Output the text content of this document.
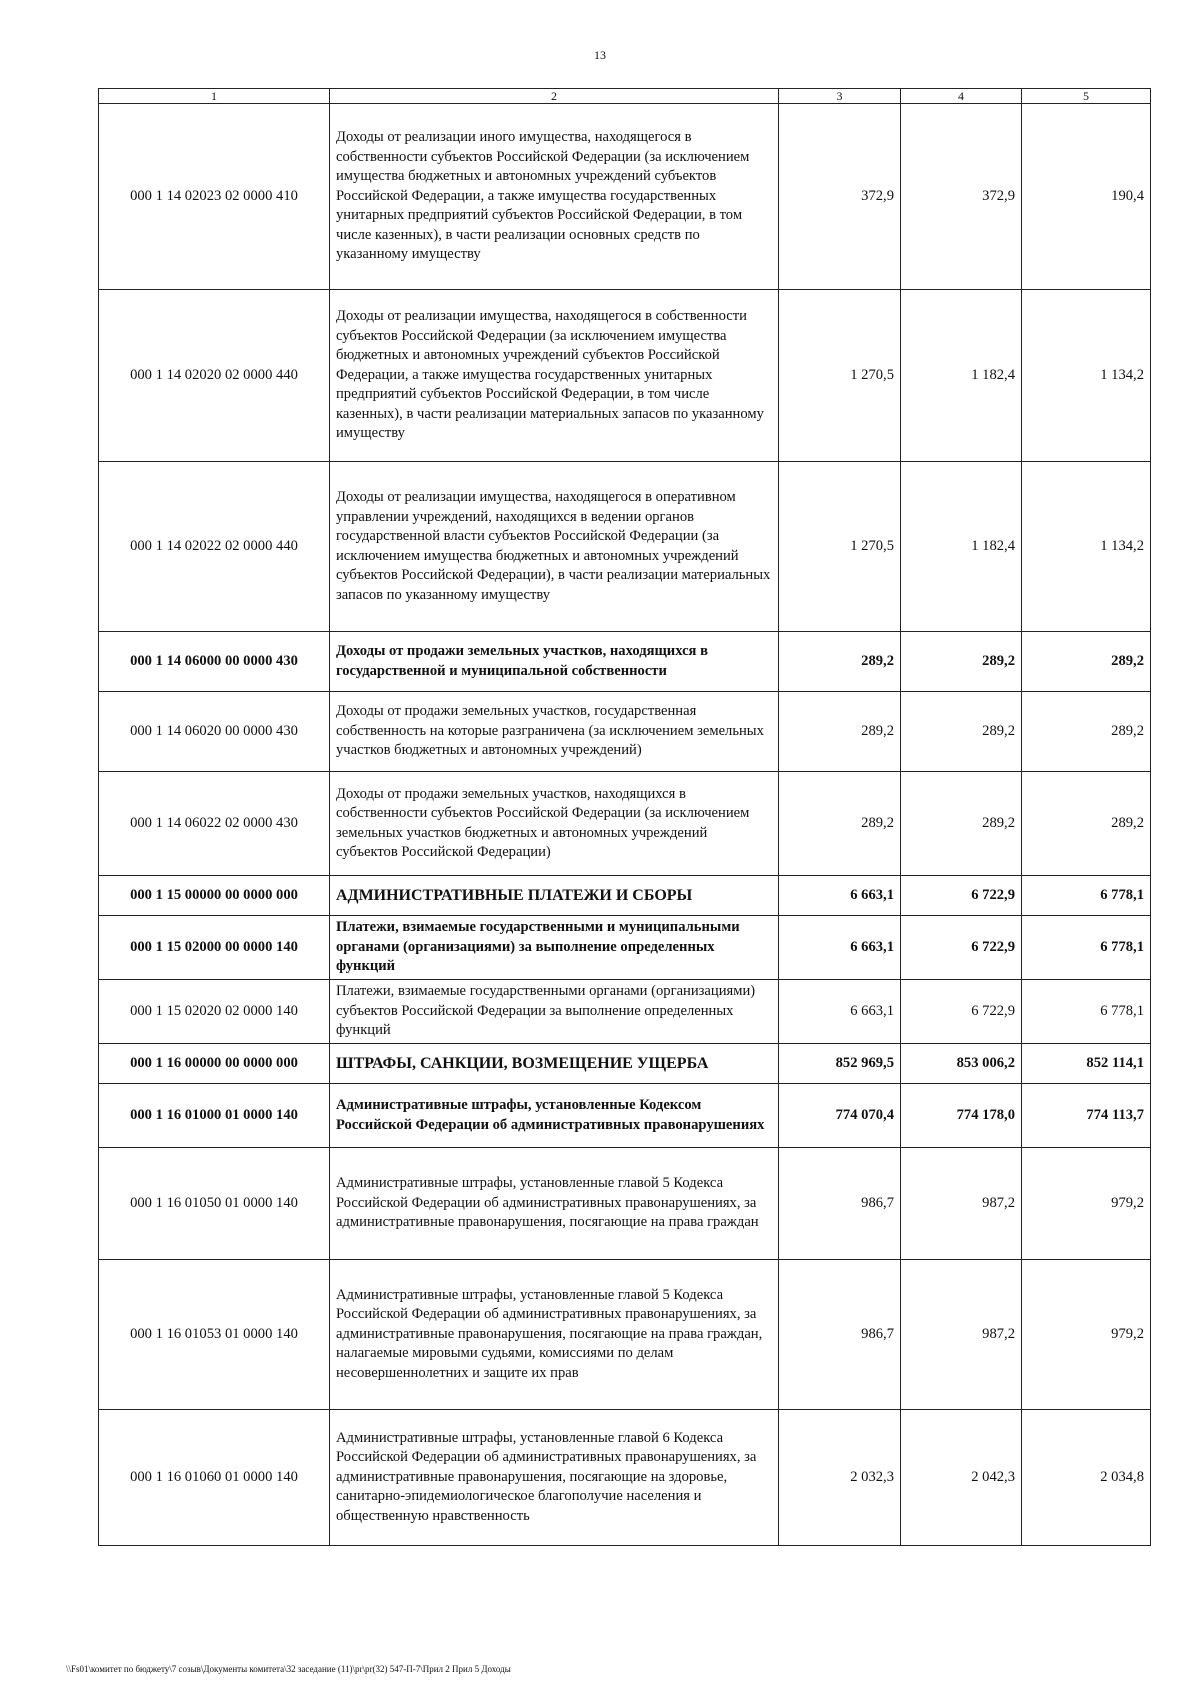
13
1	2	3	4	5
000 1 14 02023 02 0000 410	Доходы от реализации иного имущества, находящегося в собственности субъектов Российской Федерации (за исключением имущества бюджетных и автономных учреждений субъектов Российской Федерации, а также имущества государственных унитарных предприятий субъектов Российской Федерации, в том числе казенных), в части реализации основных средств по указанному имуществу	372,9	372,9	190,4
000 1 14 02020 02 0000 440	Доходы от реализации имущества, находящегося в собственности субъектов Российской Федерации (за исключением имущества бюджетных и автономных учреждений субъектов Российской Федерации, а также имущества государственных унитарных предприятий субъектов Российской Федерации, в том числе казенных), в части реализации материальных запасов по указанному имуществу	1 270,5	1 182,4	1 134,2
000 1 14 02022 02 0000 440	Доходы от реализации имущества, находящегося в оперативном управлении учреждений, находящихся в ведении органов государственной власти субъектов Российской Федерации (за исключением имущества бюджетных и автономных учреждений субъектов Российской Федерации), в части реализации материальных запасов по указанному имуществу	1 270,5	1 182,4	1 134,2
000 1 14 06000 00 0000 430	Доходы от продажи земельных участков, находящихся в государственной и муниципальной собственности	289,2	289,2	289,2
000 1 14 06020 00 0000 430	Доходы от продажи земельных участков, государственная собственность на которые разграничена (за исключением земельных участков бюджетных и автономных учреждений)	289,2	289,2	289,2
000 1 14 06022 02 0000 430	Доходы от продажи земельных участков, находящихся в собственности субъектов Российской Федерации (за исключением земельных участков бюджетных и автономных учреждений субъектов Российской Федерации)	289,2	289,2	289,2
000 1 15 00000 00 0000 000	АДМИНИСТРАТИВНЫЕ ПЛАТЕЖИ И СБОРЫ	6 663,1	6 722,9	6 778,1
000 1 15 02000 00 0000 140	Платежи, взимаемые государственными и муниципальными органами (организациями) за выполнение определенных функций	6 663,1	6 722,9	6 778,1
000 1 15 02020 02 0000 140	Платежи, взимаемые государственными органами (организациями) субъектов Российской Федерации за выполнение определенных функций	6 663,1	6 722,9	6 778,1
000 1 16 00000 00 0000 000	ШТРАФЫ, САНКЦИИ, ВОЗМЕЩЕНИЕ УЩЕРБА	852 969,5	853 006,2	852 114,1
000 1 16 01000 01 0000 140	Административные штрафы, установленные Кодексом Российской Федерации об административных правонарушениях	774 070,4	774 178,0	774 113,7
000 1 16 01050 01 0000 140	Административные штрафы, установленные главой 5 Кодекса Российской Федерации об административных правонарушениях, за административные правонарушения, посягающие на права граждан	986,7	987,2	979,2
000 1 16 01053 01 0000 140	Административные штрафы, установленные главой 5 Кодекса Российской Федерации об административных правонарушениях, за административные правонарушения, посягающие на права граждан, налагаемые мировыми судьями, комиссиями по делам несовершеннолетних и защите их прав	986,7	987,2	979,2
000 1 16 01060 01 0000 140	Административные штрафы, установленные главой 6 Кодекса Российской Федерации об административных правонарушениях, за административные правонарушения, посягающие на здоровье, санитарно-эпидемиологическое благополучие населения и общественную нравственность	2 032,3	2 042,3	2 034,8
\\Fs01\комитет по бюджету\7 созыв\Документы комитета\32 заседание (11)\pr\pr(32) 547-П-7\Прил 2 Прил 5 Доходы
